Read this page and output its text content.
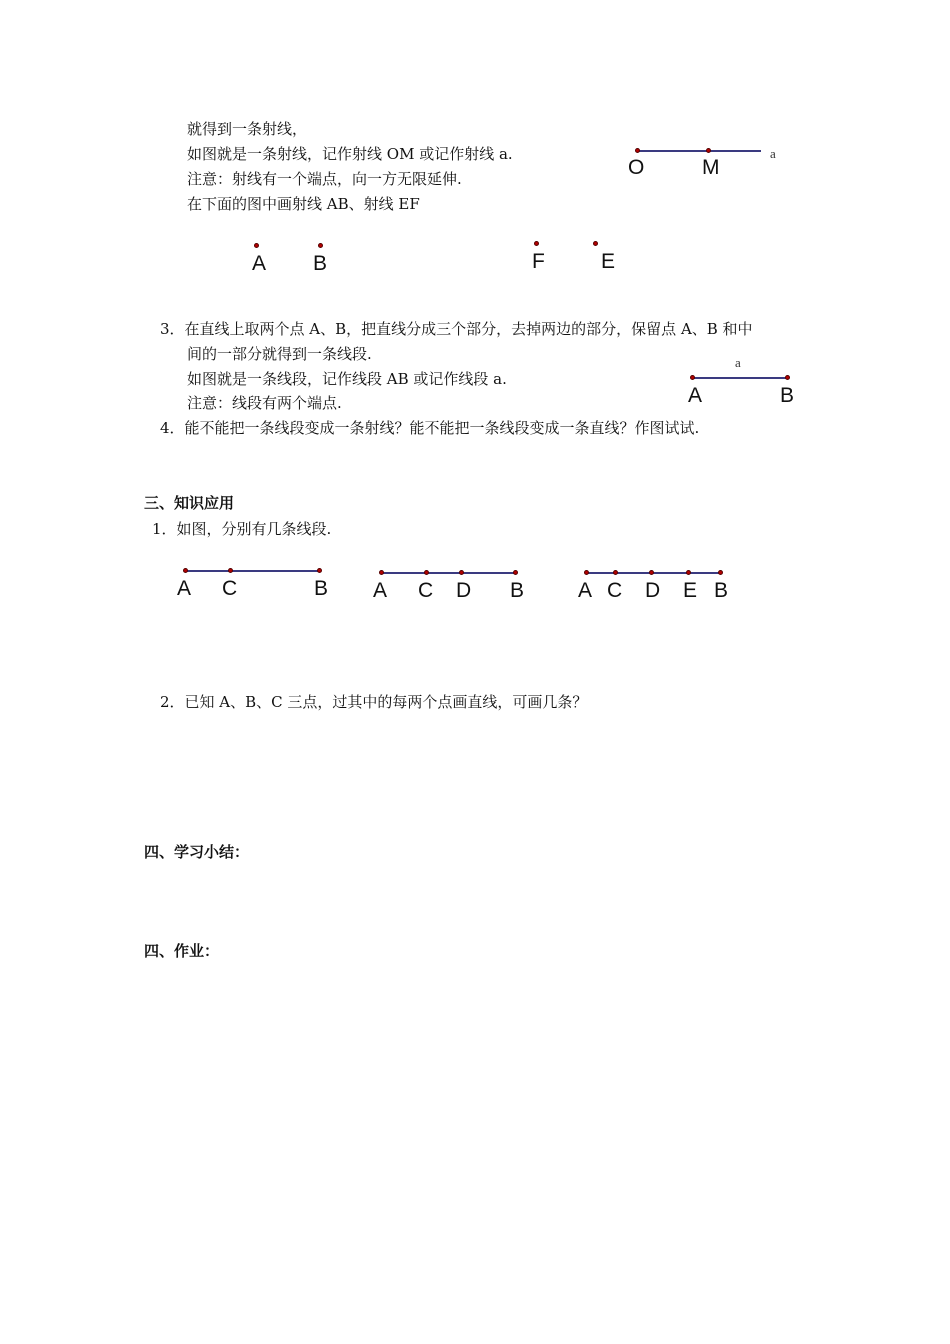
就得到一条射线，
如图就是一条射线，记作射线 OM 或记作射线 a.
注意：射线有一个端点，向一方无限延伸.
在下面的图中画射线 AB、射线 EF
O	M
a
A B	F	E
3．在直线上取两个点 A、B，把直线分成三个部分，去掉两边的部分，保留点 A、B 和中
间的一部分就得到一条线段.
如图就是一条线段，记作线段 AB 或记作线段 a.
注意：线段有两个端点.
a
A	B
4．能不能把一条线段变成一条射线？能不能把一条线段变成一条直线？作图试试.
三、知识应用
1．如图，分别有几条线段.
A C	B A C D B	A C D E B
2．已知 A、B、C 三点，过其中的每两个点画直线，可画几条？
四、学习小结：
四、作业：
